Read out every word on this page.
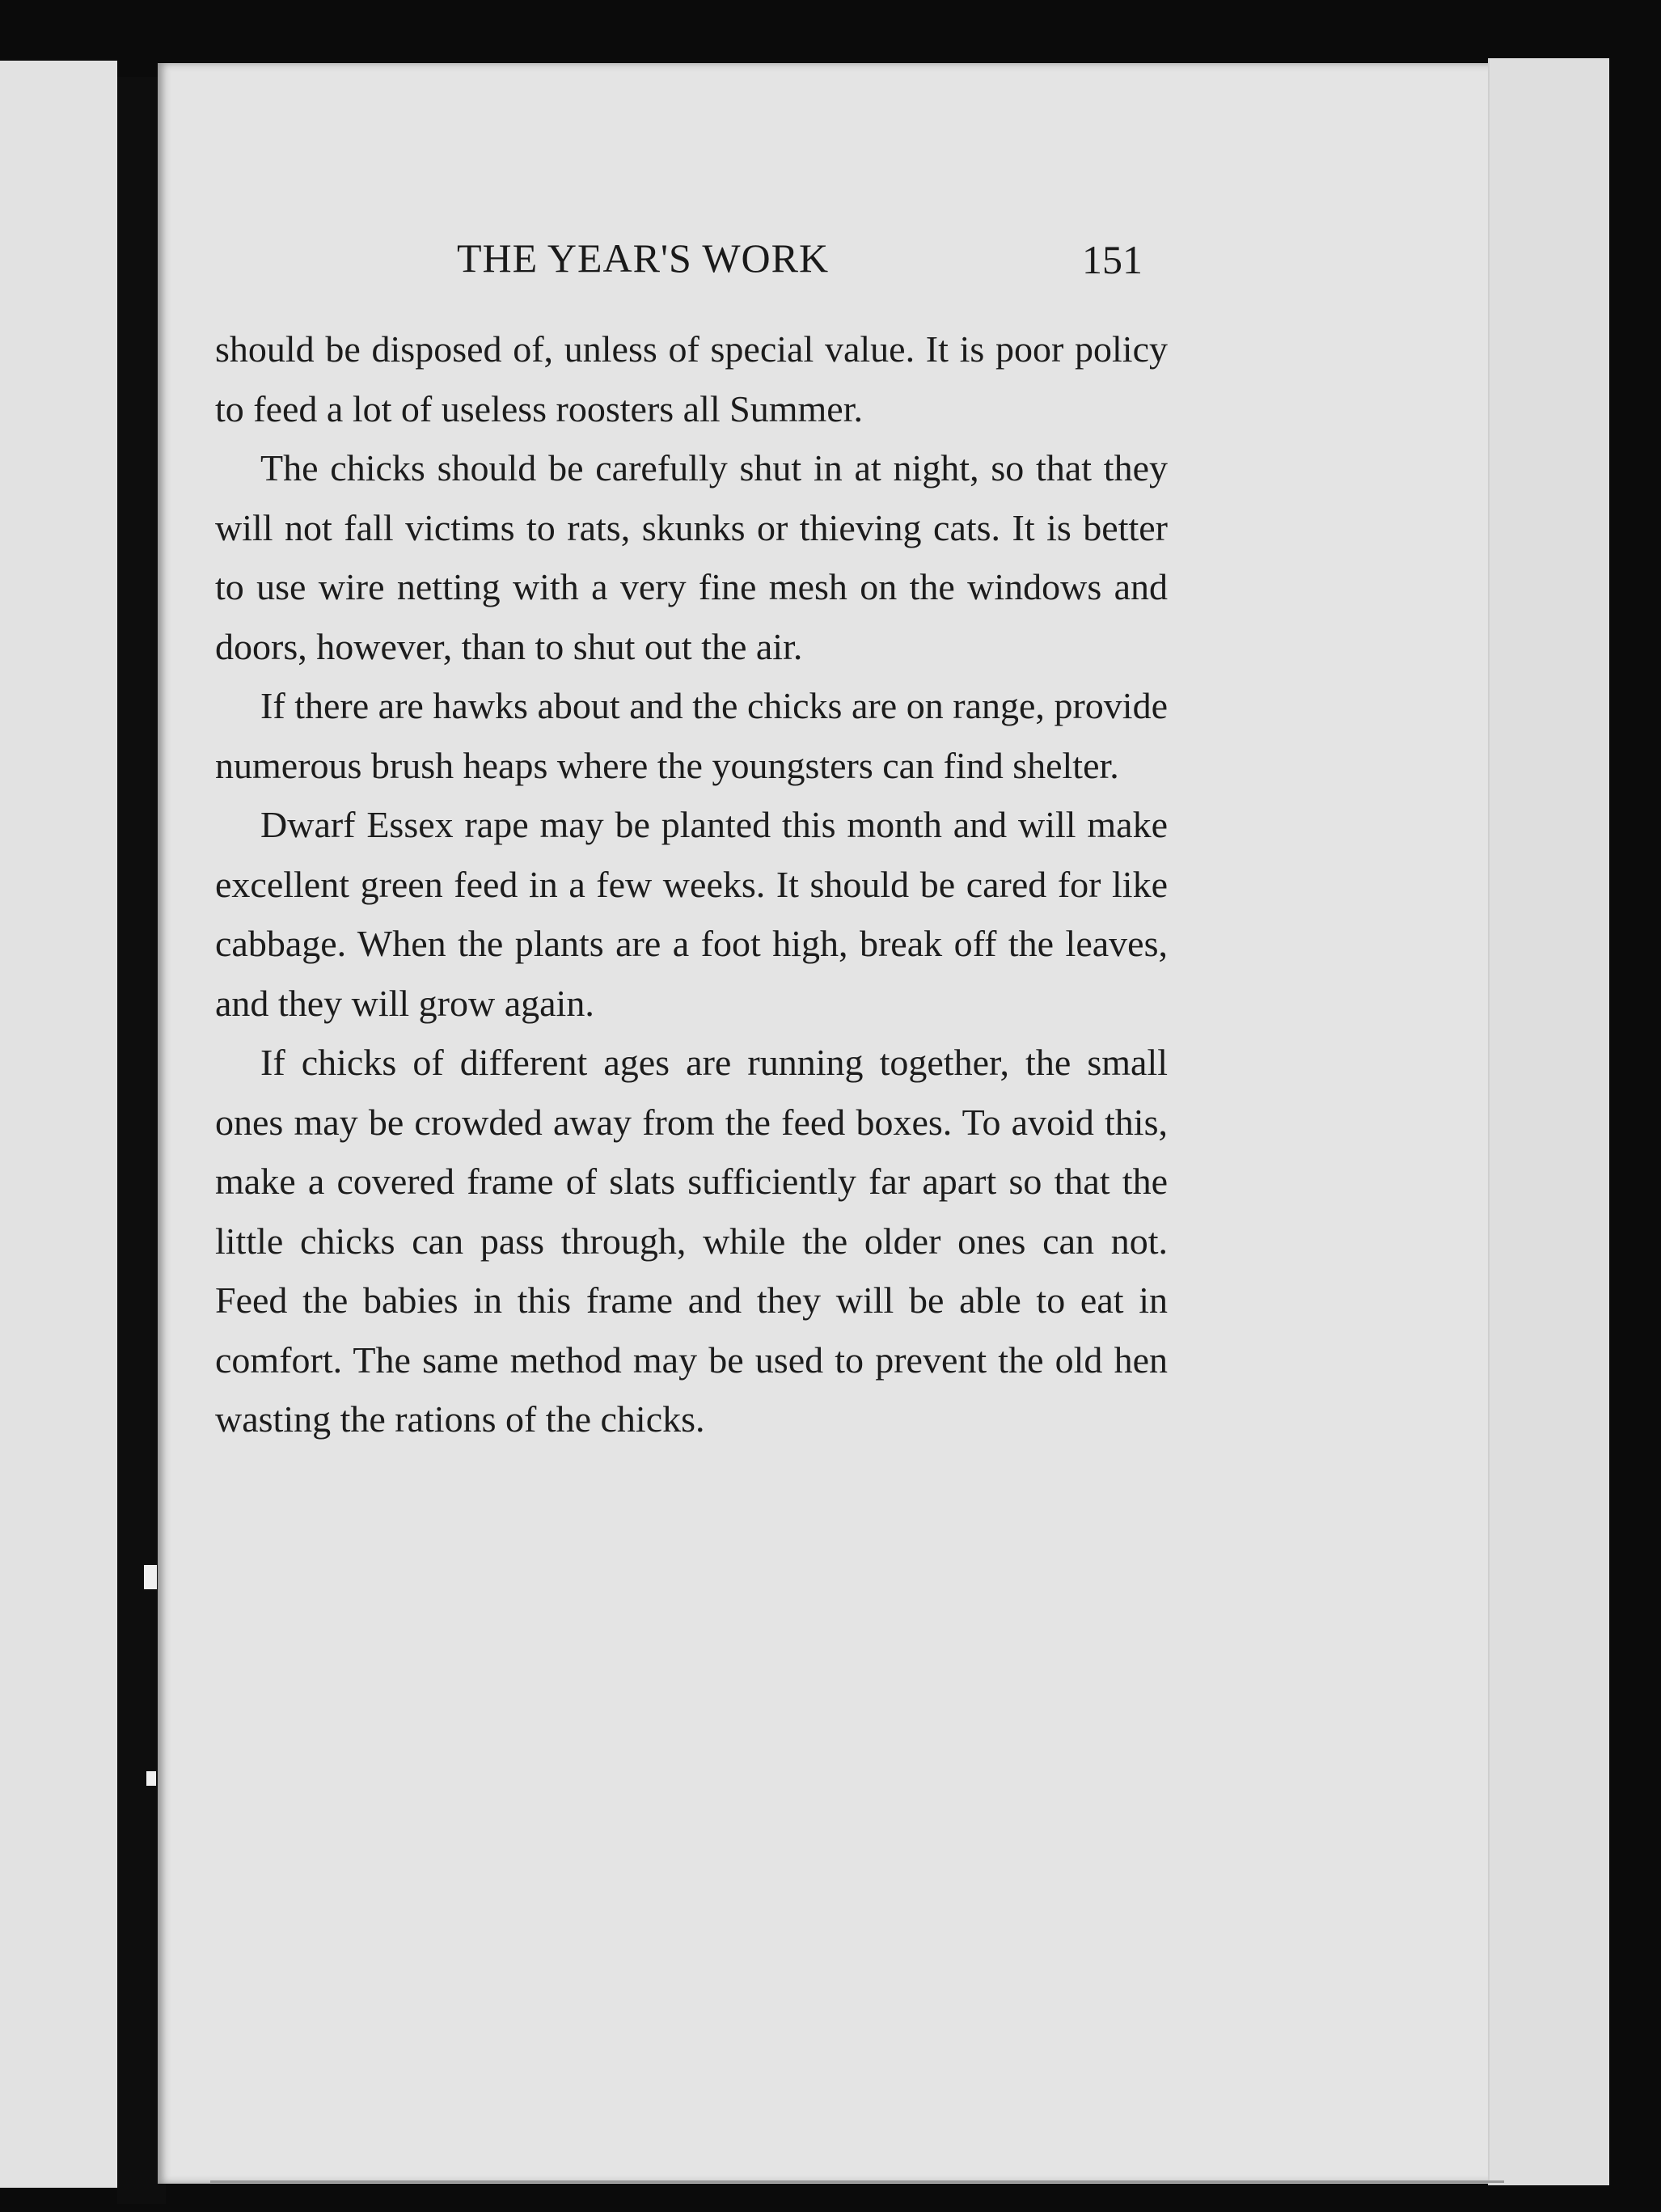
THE YEAR'S WORK	151

should be disposed of, unless of special value. It is poor policy to feed a lot of useless roosters all Summer.

The chicks should be carefully shut in at night, so that they will not fall victims to rats, skunks or thieving cats. It is better to use wire netting with a very fine mesh on the windows and doors, however, than to shut out the air.

If there are hawks about and the chicks are on range, provide numerous brush heaps where the youngsters can find shelter.

Dwarf Essex rape may be planted this month and will make excellent green feed in a few weeks. It should be cared for like cabbage. When the plants are a foot high, break off the leaves, and they will grow again.

If chicks of different ages are running together, the small ones may be crowded away from the feed boxes. To avoid this, make a covered frame of slats sufficiently far apart so that the little chicks can pass through, while the older ones can not. Feed the babies in this frame and they will be able to eat in comfort. The same method may be used to prevent the old hen wasting the rations of the chicks.
